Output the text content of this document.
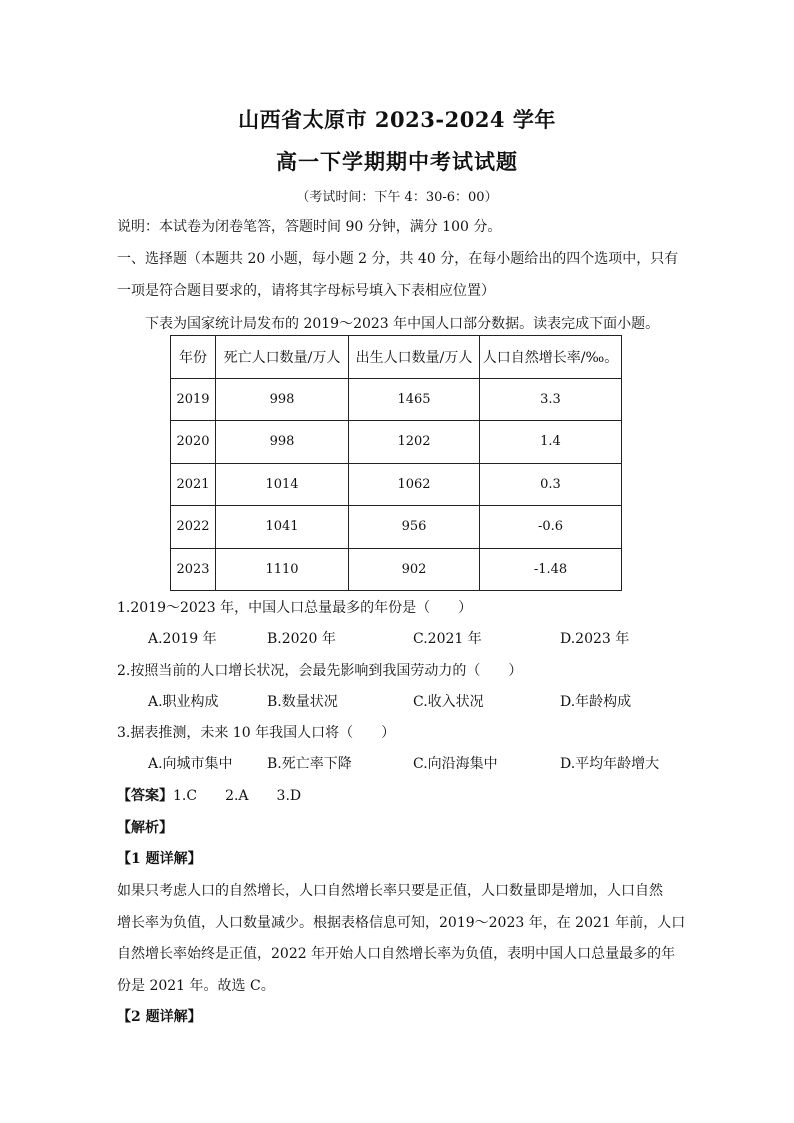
山西省太原市 2023-2024 学年
高一下学期期中考试试题
（考试时间：下午 4：30-6：00）
说明：本试卷为闭卷笔答，答题时间 90 分钟，满分 100 分。
一、选择题（本题共 20 小题，每小题 2 分，共 40 分，在每小题给出的四个选项中，只有
一项是符合题目要求的，请将其字母标号填入下表相应位置）
下表为国家统计局发布的 2019～2023 年中国人口部分数据。读表完成下面小题。
年份	死亡人口数量/万人	出生人口数量/万人	人口自然增长率/‰。
2019	998	1465	3.3
2020	998	1202	1.4
2021	1014	1062	0.3
2022	1041	956	-0.6
2023	1110	902	-1.48
1.2019～2023 年，中国人口总量最多的年份是（　　）
A.2019 年	B.2020 年	C.2021 年	D.2023 年
2.按照当前的人口增长状况，会最先影响到我国劳动力的（　　）
A.职业构成	B.数量状况	C.收入状况	D.年龄构成
3.据表推测，未来 10 年我国人口将（　　）
A.向城市集中 B.死亡率下降	C.向沿海集中	D.平均年龄增大
【答案】1.C　　2.A　　3.D
【解析】
【1 题详解】
如果只考虑人口的自然增长，人口自然增长率只要是正值，人口数量即是增加，人口自然
增长率为负值，人口数量减少。根据表格信息可知，2019～2023 年，在 2021 年前，人口
自然增长率始终是正值，2022 年开始人口自然增长率为负值，表明中国人口总量最多的年
份是 2021 年。故选 C。
【2 题详解】
